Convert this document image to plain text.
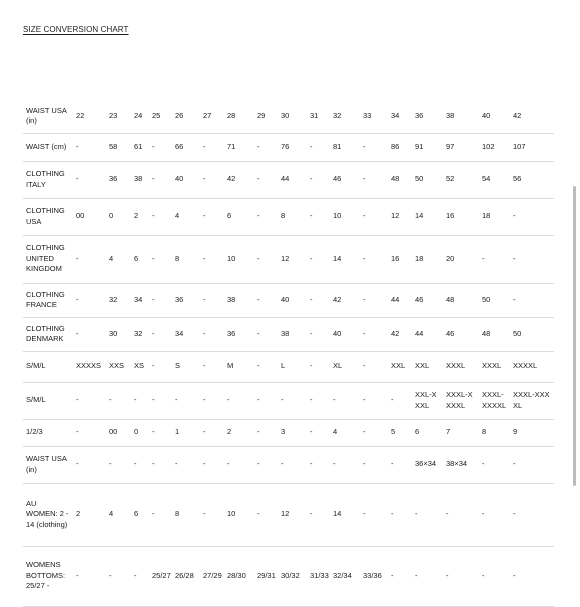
SIZE CONVERSION CHART
WAIST USA (in)	22	23	24	25	26	27	28	29	30	31	32	33	34	36	38	40	42
WAIST (cm)	-	58	61	-	66	-	71	-	76	-	81	-	86	91	97	102	107
CLOTHING ITALY	-	36	38	-	40	-	42	-	44	-	46	-	48	50	52	54	56
CLOTHING USA	00	0	2	-	4	-	6	-	8	-	10	-	12	14	16	18	-
CLOTHING UNITED KINGDOM	-	4	6	-	8	-	10	-	12	-	14	-	16	18	20	-	-
CLOTHING FRANCE	-	32	34	-	36	-	38	-	40	-	42	-	44	46	48	50	-
CLOTHING DENMARK	-	30	32	-	34	-	36	-	38	-	40	-	42	44	46	48	50
S/M/L	XXXXS	XXS	XS	-	S	-	M	-	L	-	XL	-	XXL	XXL	XXXL	XXXL	XXXXL
S/M/L	-	-	-	-	-	-	-	-	-	-	-	-	-	XXL-XXXL	XXXL-XXXXL	XXXL-XXXXL	XXXL-XXXXL
1/2/3	-	00	0	-	1	-	2	-	3	-	4	-	5	6	7	8	9
WAIST USA (in)	-	-	-	-	-	-	-	-	-	-	-	-	-	36×34	38×34	-	-
AU WOMEN: 2 - 14 (clothing)	2	4	6	-	8	-	10	-	12	-	14	-	-	-	-	-	-
WOMENS BOTTOMS: 25/27 -	-	-	-	25/27	26/28	27/29	28/30	29/31	30/32	31/33	32/34	33/36	-	-	-	-	-
